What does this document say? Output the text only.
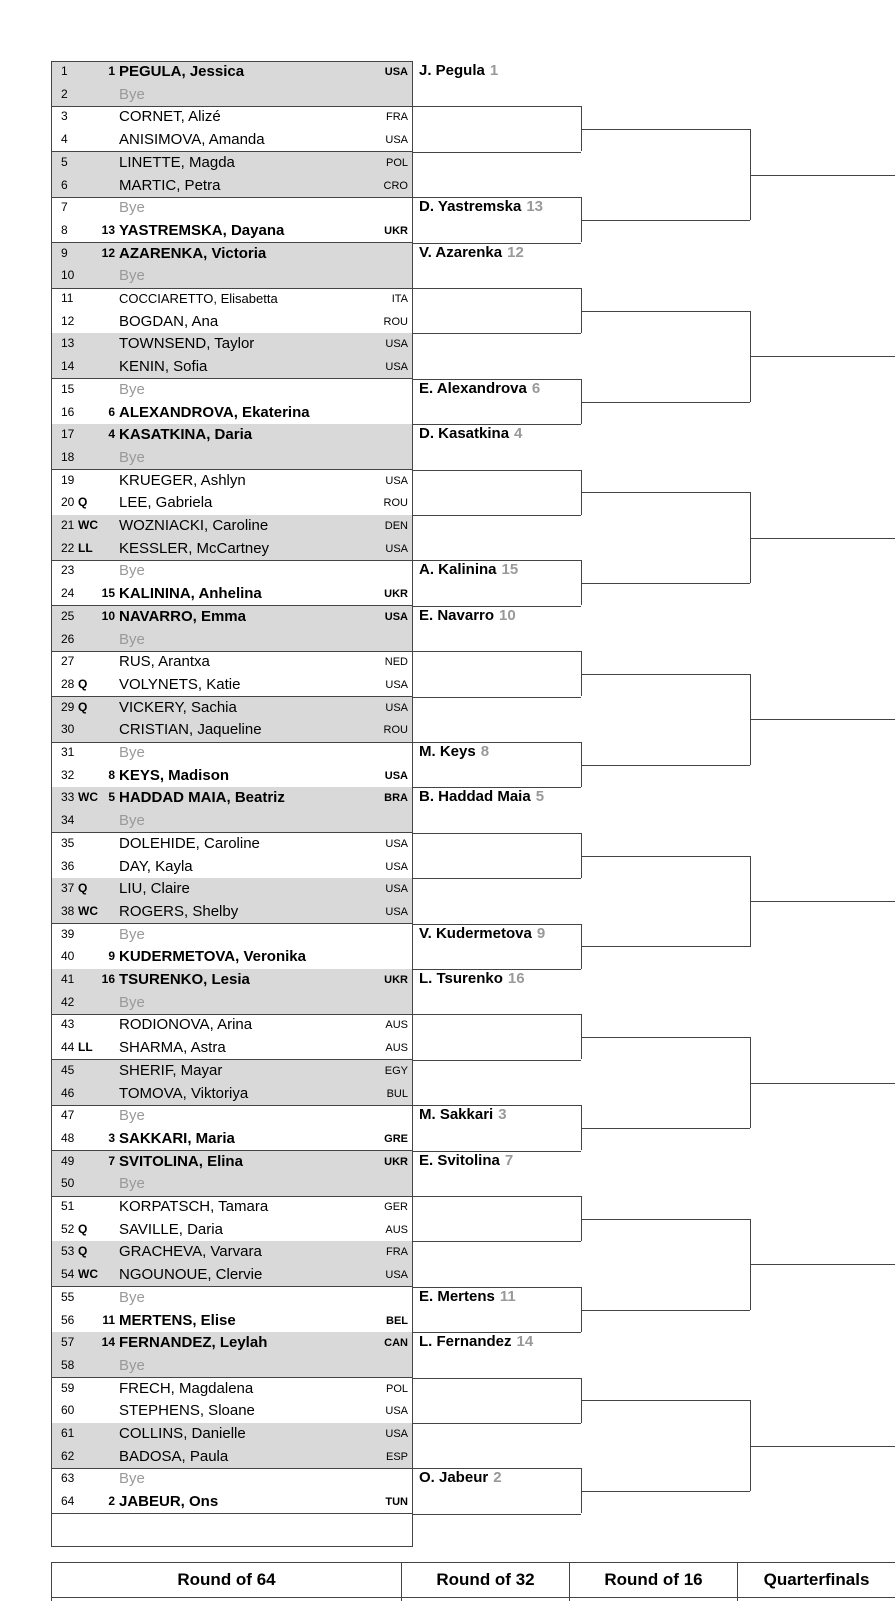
1	1 PEGULA, Jessica	USA
2	Bye
3	CORNET, Alizé	FRA
4	ANISIMOVA, Amanda	USA
5	LINETTE, Magda	POL
6	MARTIC, Petra	CRO
7	Bye
8	13 YASTREMSKA, Dayana	UKR
9	12 AZARENKA, Victoria
10	Bye
11	COCCIARETTO, Elisabetta	ITA
12	BOGDAN, Ana	ROU
13	TOWNSEND, Taylor	USA
14	KENIN, Sofia	USA
15	Bye
16	6 ALEXANDROVA, Ekaterina
17	4 KASATKINA, Daria
18	Bye
19	KRUEGER, Ashlyn	USA
20 Q LEE, Gabriela	ROU
21 WC WOZNIACKI, Caroline	DEN
22 LL KESSLER, McCartney	USA
23	Bye
24	15 KALININA, Anhelina	UKR
25	10 NAVARRO, Emma	USA
26	Bye
27	RUS, Arantxa	NED
28 Q VOLYNETS, Katie	USA
29 Q VICKERY, Sachia	USA
30	CRISTIAN, Jaqueline	ROU
31	Bye
32	8 KEYS, Madison	USA
33 WC 5 HADDAD MAIA, Beatriz	BRA
34	Bye
35	DOLEHIDE, Caroline	USA
36	DAY, Kayla	USA
37 Q LIU, Claire	USA
38 WC ROGERS, Shelby	USA
39	Bye
40	9 KUDERMETOVA, Veronika
41	16 TSURENKO, Lesia	UKR
42	Bye
43	RODIONOVA, Arina	AUS
44 LL SHARMA, Astra	AUS
45	SHERIF, Mayar	EGY
46	TOMOVA, Viktoriya	BUL
47	Bye
48	3 SAKKARI, Maria	GRE
49	7 SVITOLINA, Elina	UKR
50	Bye
51	KORPATSCH, Tamara	GER
52 Q SAVILLE, Daria	AUS
53 Q GRACHEVA, Varvara	FRA
54 WC NGOUNOUE, Clervie	USA
55	Bye
56	11 MERTENS, Elise	BEL
57	14 FERNANDEZ, Leylah	CAN
58	Bye
59	FRECH, Magdalena	POL
60	STEPHENS, Sloane	USA
61	COLLINS, Danielle	USA
62	BADOSA, Paula	ESP
63	Bye
64	2 JABEUR, Ons	TUN
J. Pegula 1
D. Yastremska 13
V. Azarenka 12
E. Alexandrova 6
D. Kasatkina 4
A. Kalinina 15
E. Navarro 10
M. Keys 8
B. Haddad Maia 5
V. Kudermetova 9
L. Tsurenko 16
M. Sakkari 3
E. Svitolina 7
E. Mertens 11
L. Fernandez 14
O. Jabeur 2
Round of 64	Round of 32	Round of 16	Quarterfinals
